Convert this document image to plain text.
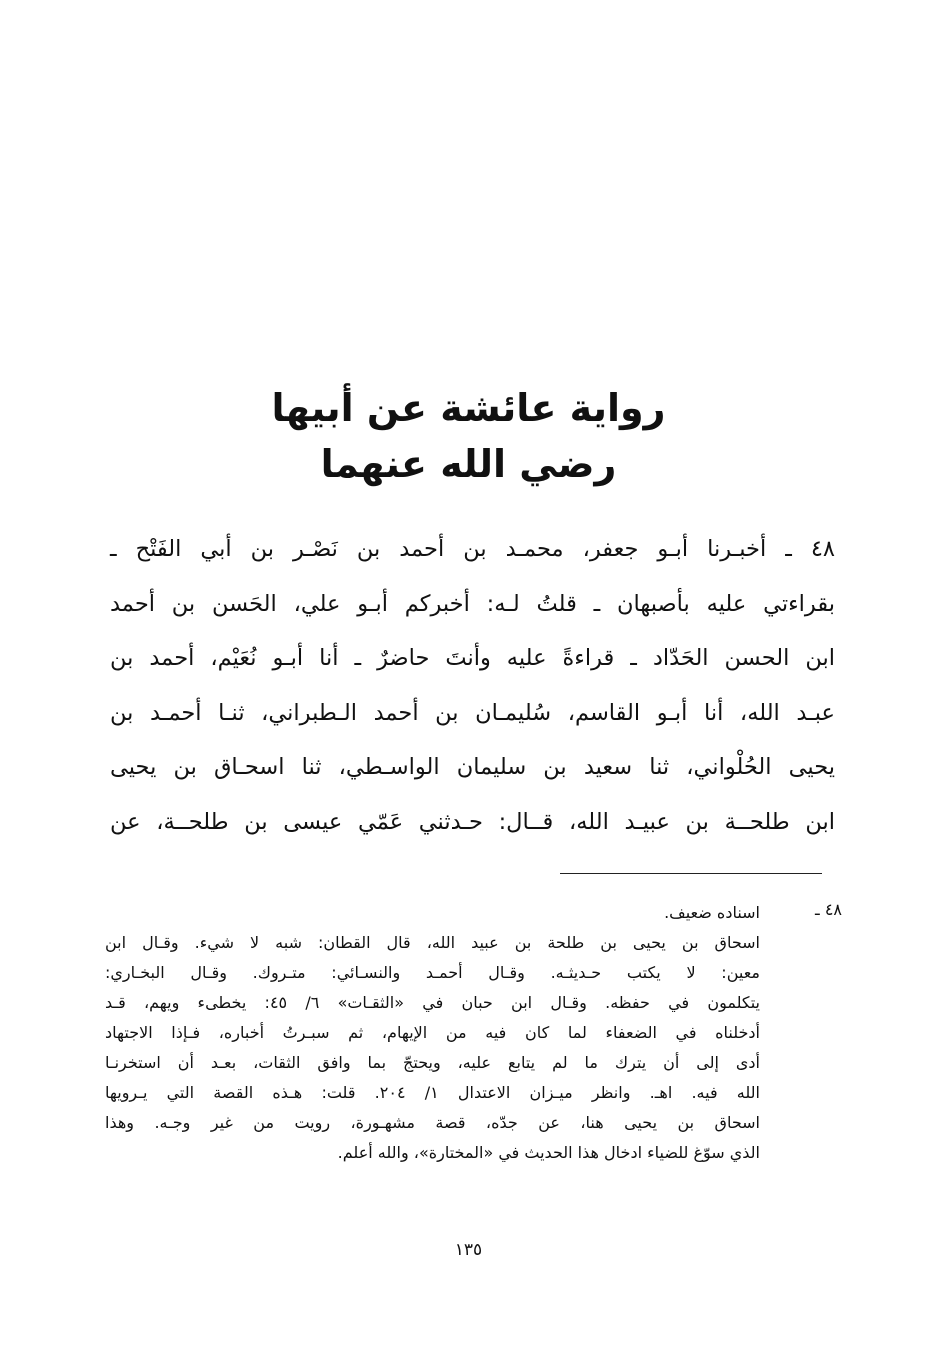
رواية عائشة عن أبيها
رضي الله عنهما
٤٨ ـ أخبـرنا أبـو جعفر، محمـد بن أحمد بن نَصْـر بن أبي الفَتْح ـ
بقراءتي عليه بأصبهان ـ قلتُ لـه: أخبركم أبـو علي، الحَسن بن أحمد
ابن الحسن الحَدّاد ـ قراءةً عليه وأنتَ حاضرٌ ـ أنا أبـو نُعَيْم، أحمد بن
عبـد الله، أنا أبـو القاسم، سُليمـان بن أحمد الـطبراني، ثنـا أحمـد بن
يحيى الحُلْواني، ثنا سعيد بن سليمان الواسـطي، ثنا اسحـاق بن يحيى
ابن طلحــة بن عبيـد الله، قــال: حـدثني عَمّي عيسى بن طلحــة، عن
٤٨ ـ
اسناده ضعيف.
اسحاق بن يحيى بن طلحة بن عبيد الله، قال القطان: شبه لا شيء. وقـال ابن
معين: لا يكتب حـديثـه. وقـال أحمـد والنسـائي: متـروك. وقـال البخـاري:
يتكلمون في حفظه. وقـال ابن حبان في «الثقـات» ٦/ ٤٥: يخطىء ويهم، قـد
أدخلناه في الضعفاء لما كان فيه من الإيهام، ثم سبـرتُ أخباره، فـإذا الاجتهاد
أدى إلى أن يترك ما لم يتابع عليه، ويحتجّ بما وافق الثقات، بعـد أن استخرنـا
الله فيه. اهـ. وانظر ميـزان الاعتدال ١/ ٢٠٤. قلت: هـذه القصة التي يـرويها
اسحاق بن يحيى هنا، عن جدّه، قصة مشهـورة، رويت من غير وجـه. وهذا
الذي سوّغ للضياء ادخال هذا الحديث في «المختارة»، والله أعلم.
١٣٥
